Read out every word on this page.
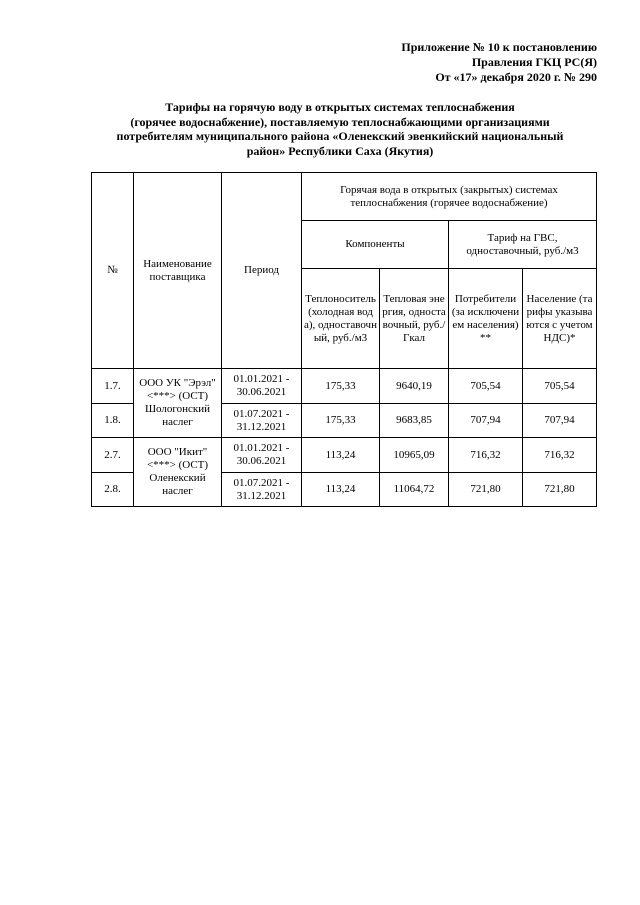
Приложение № 10 к постановлению
Правления ГКЦ РС(Я)
От «17» декабря 2020 г. № 290
Тарифы на горячую воду в открытых системах теплоснабжения
(горячее водоснабжение), поставляемую теплоснабжающими организациями
потребителям муниципального района «Оленекский эвенкийский национальный
район» Республики Саха (Якутия)
№	Наименование поставщика	Период	Горячая вода в открытых (закрытых) системах теплоснабжения (горячее водоснабжение)			
			Компоненты		Тариф на ГВС, одноставочный, руб./м3	
			Теплоноситель (холодная вода), одноставочный, руб./м3	Тепловая энергия, одноставочный, руб./Гкал	Потребители (за исключением населения)**	Население (тарифы указываются с учетом НДС)*
1.7.	ООО УК "Эрэл" <***> (ОСТ) Шологонский наслег	01.01.2021 - 30.06.2021	175,33	9640,19	705,54	705,54
1.8.		01.07.2021 - 31.12.2021	175,33	9683,85	707,94	707,94
2.7.	ООО "Икит" <***> (ОСТ) Оленекский наслег	01.01.2021 - 30.06.2021	113,24	10965,09	716,32	716,32
2.8.		01.07.2021 - 31.12.2021	113,24	11064,72	721,80	721,80
